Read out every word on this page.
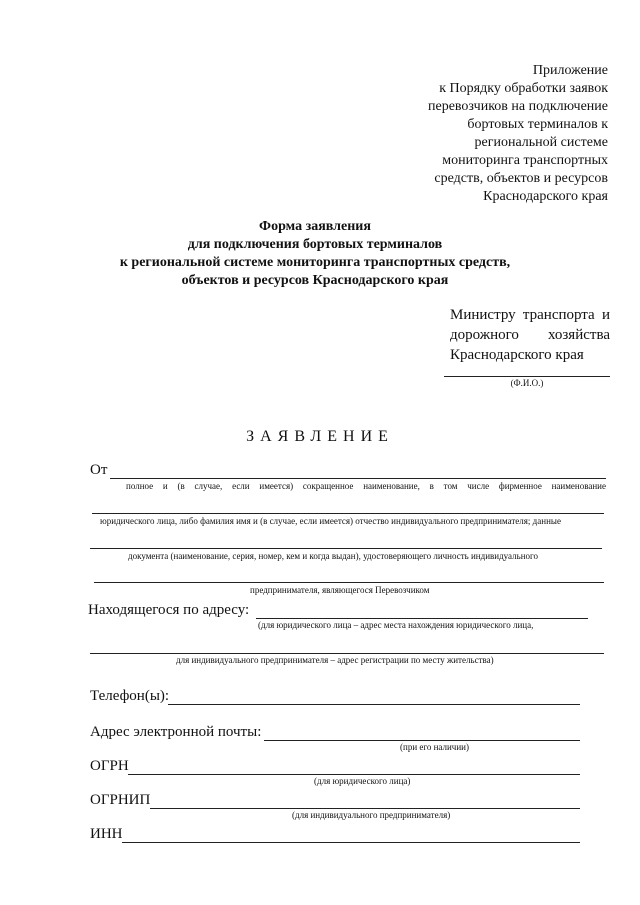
Приложение
к Порядку обработки заявок
перевозчиков на подключение
бортовых терминалов к
региональной системе
мониторинга транспортных
средств, объектов и ресурсов
Краснодарского края
Форма заявления
для подключения бортовых терминалов
к региональной системе мониторинга транспортных средств,
объектов и ресурсов Краснодарского края
Министру транспорта и
дорожного хозяйства
Краснодарского края
(Ф.И.О.)
ЗАЯВЛЕНИЕ
От
полное и (в случае, если имеется) сокращенное наименование, в том числе фирменное наименование
юридического лица, либо фамилия имя и (в случае, если имеется) отчество индивидуального предпринимателя; данные
документа (наименование, серия, номер, кем и когда выдан), удостоверяющего личность индивидуального
предпринимателя, являющегося Перевозчиком
Находящегося по адресу:
(для юридического лица – адрес места нахождения юридического лица,
для индивидуального предпринимателя – адрес регистрации по месту жительства)
Телефон(ы):
Адрес электронной почты:
(при его наличии)
ОГРН
(для юридического лица)
ОГРНИП
(для индивидуального предпринимателя)
ИНН
